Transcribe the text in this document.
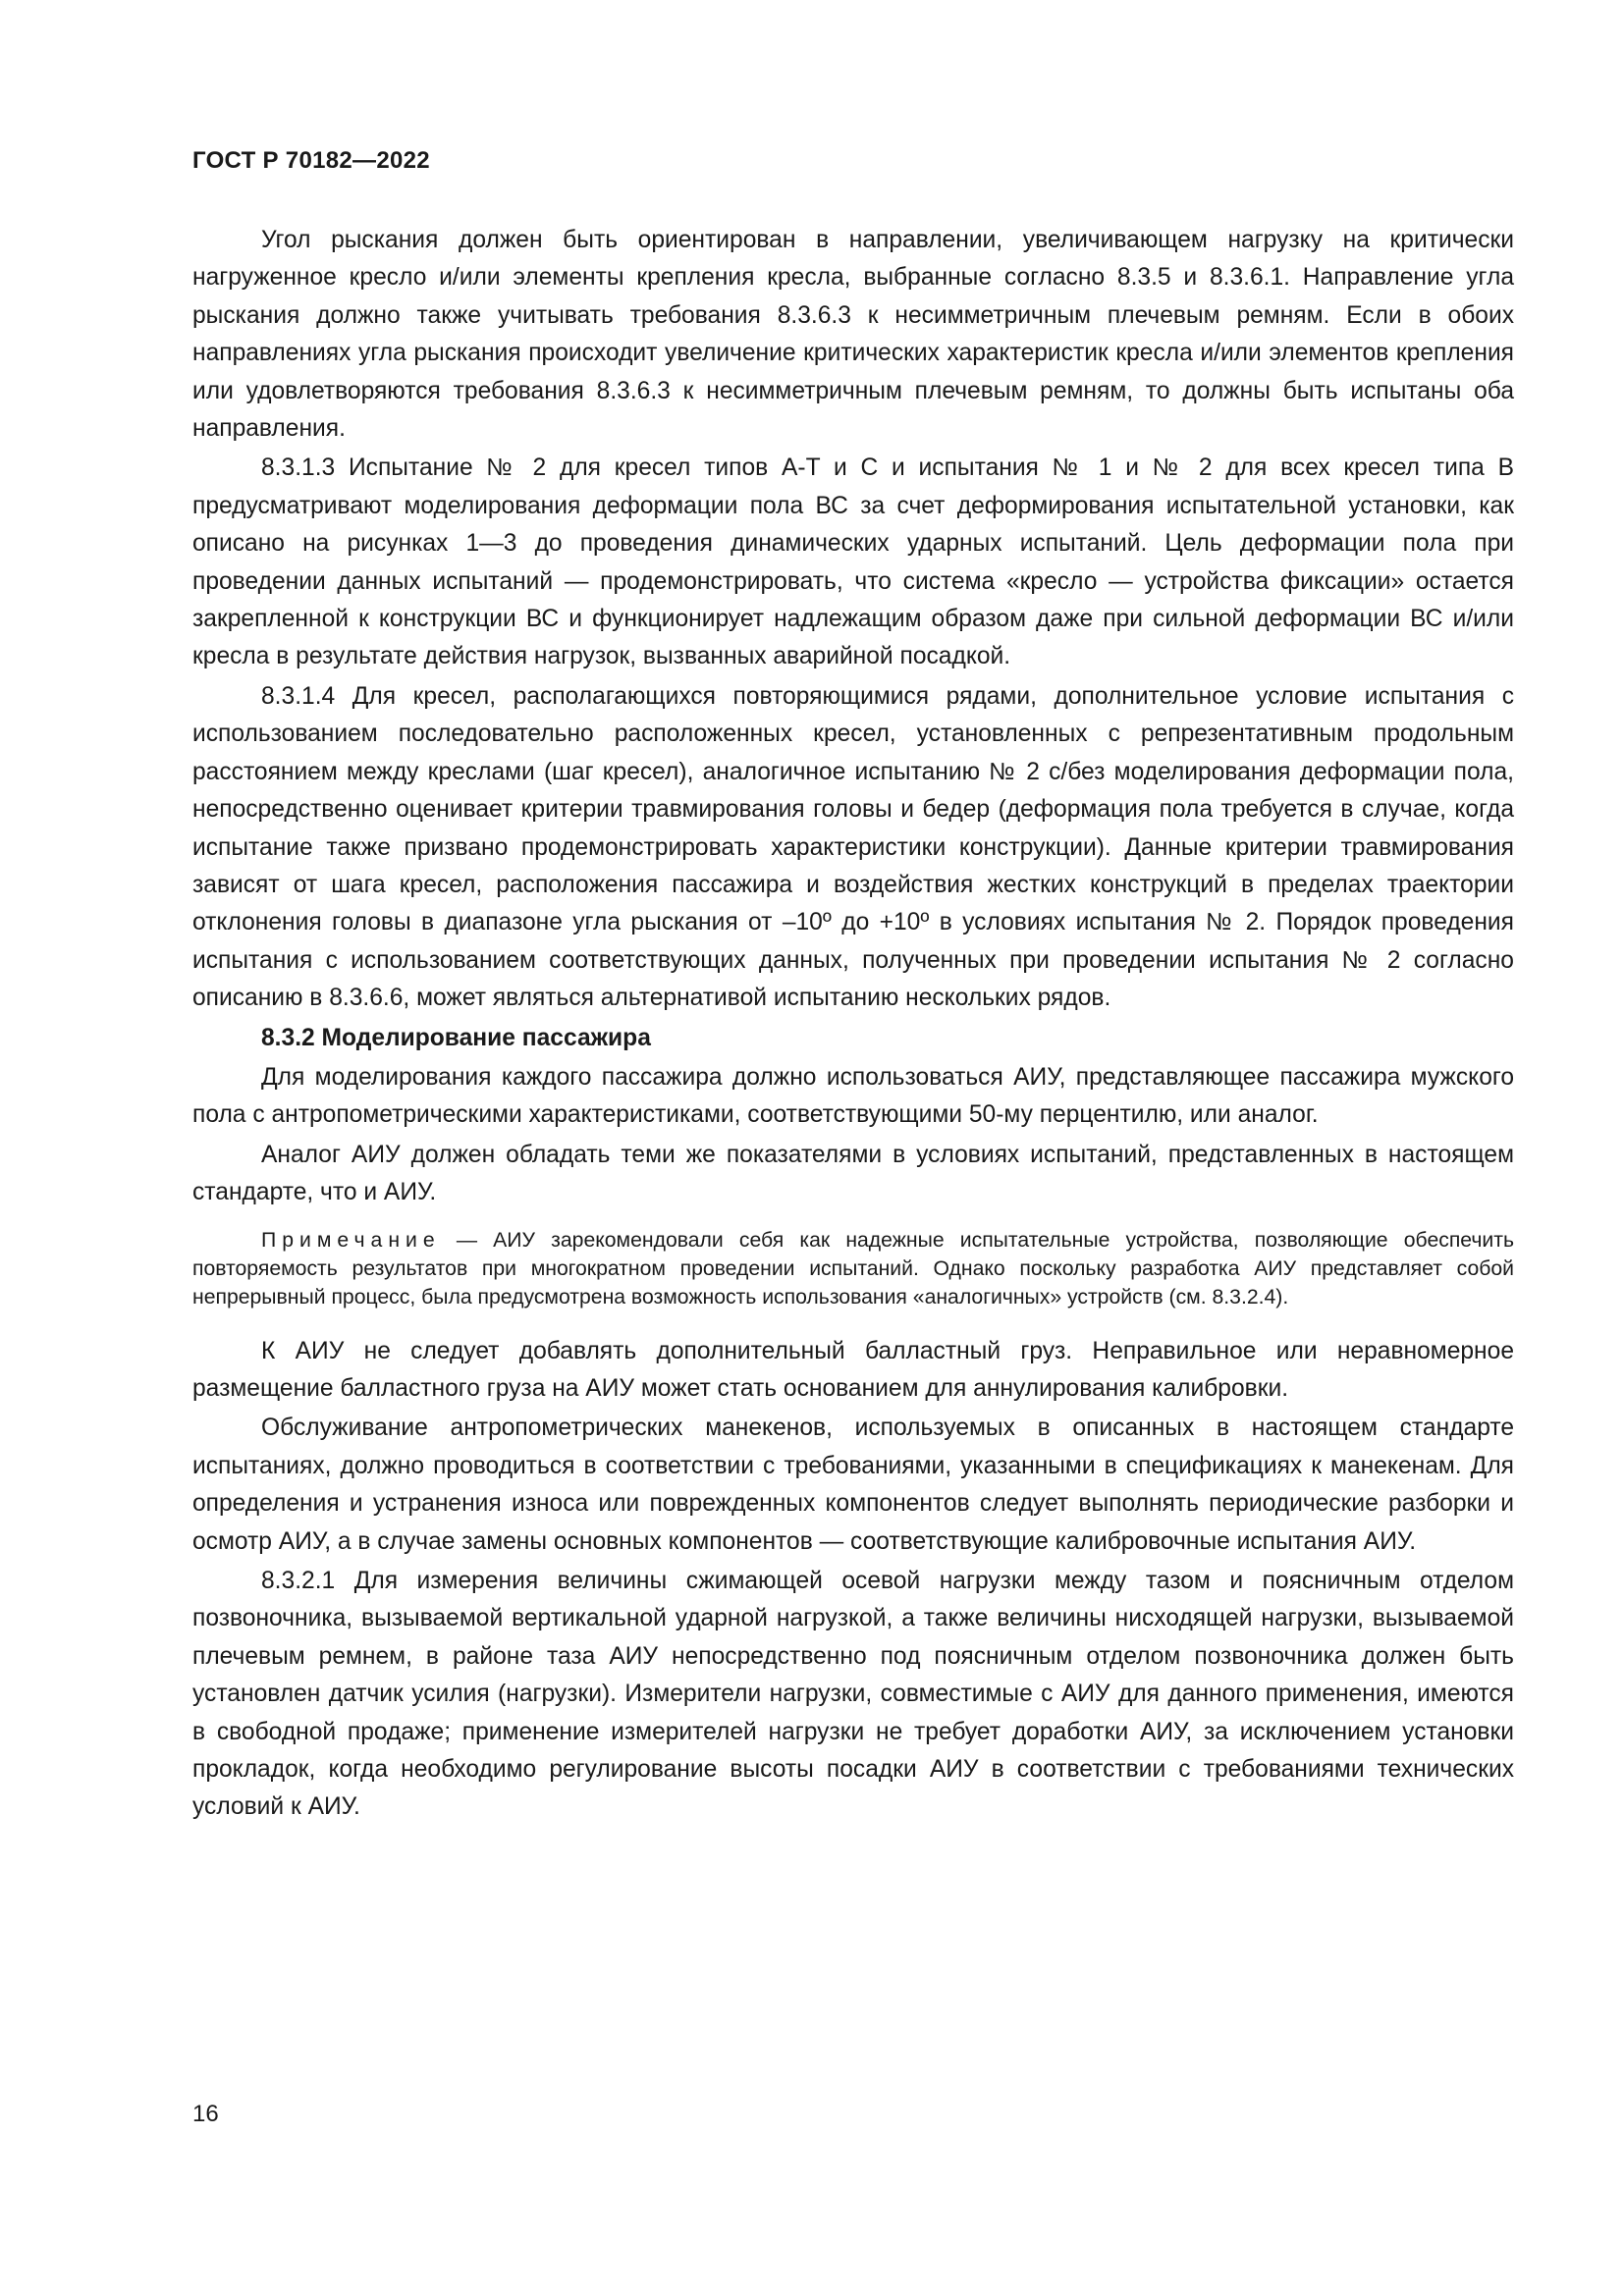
ГОСТ Р 70182—2022

Угол рыскания должен быть ориентирован в направлении, увеличивающем нагрузку на критически нагруженное кресло и/или элементы крепления кресла, выбранные согласно 8.3.5 и 8.3.6.1. Направление угла рыскания должно также учитывать требования 8.3.6.3 к несимметричным плечевым ремням. Если в обоих направлениях угла рыскания происходит увеличение критических характеристик кресла и/или элементов крепления или удовлетворяются требования 8.3.6.3 к несимметричным плечевым ремням, то должны быть испытаны оба направления.

8.3.1.3 Испытание № 2 для кресел типов A-T и C и испытания № 1 и № 2 для всех кресел типа B предусматривают моделирования деформации пола ВС за счет деформирования испытательной установки, как описано на рисунках 1—3 до проведения динамических ударных испытаний. Цель деформации пола при проведении данных испытаний — продемонстрировать, что система «кресло — устройства фиксации» остается закрепленной к конструкции ВС и функционирует надлежащим образом даже при сильной деформации ВС и/или кресла в результате действия нагрузок, вызванных аварийной посадкой.

8.3.1.4 Для кресел, располагающихся повторяющимися рядами, дополнительное условие испытания с использованием последовательно расположенных кресел, установленных с репрезентативным продольным расстоянием между креслами (шаг кресел), аналогичное испытанию № 2 с/без моделирования деформации пола, непосредственно оценивает критерии травмирования головы и бедер (деформация пола требуется в случае, когда испытание также призвано продемонстрировать характеристики конструкции). Данные критерии травмирования зависят от шага кресел, расположения пассажира и воздействия жестких конструкций в пределах траектории отклонения головы в диапазоне угла рыскания от –10º до +10º в условиях испытания № 2. Порядок проведения испытания с использованием соответствующих данных, полученных при проведении испытания № 2 согласно описанию в 8.3.6.6, может являться альтернативой испытанию нескольких рядов.

8.3.2 Моделирование пассажира

Для моделирования каждого пассажира должно использоваться АИУ, представляющее пассажира мужского пола с антропометрическими характеристиками, соответствующими 50-му перцентилю, или аналог.

Аналог АИУ должен обладать теми же показателями в условиях испытаний, представленных в настоящем стандарте, что и АИУ.

Примечание — АИУ зарекомендовали себя как надежные испытательные устройства, позволяющие обеспечить повторяемость результатов при многократном проведении испытаний. Однако поскольку разработка АИУ представляет собой непрерывный процесс, была предусмотрена возможность использования «аналогичных» устройств (см. 8.3.2.4).

К АИУ не следует добавлять дополнительный балластный груз. Неправильное или неравномерное размещение балластного груза на АИУ может стать основанием для аннулирования калибровки.

Обслуживание антропометрических манекенов, используемых в описанных в настоящем стандарте испытаниях, должно проводиться в соответствии с требованиями, указанными в спецификациях к манекенам. Для определения и устранения износа или поврежденных компонентов следует выполнять периодические разборки и осмотр АИУ, а в случае замены основных компонентов — соответствующие калибровочные испытания АИУ.

8.3.2.1 Для измерения величины сжимающей осевой нагрузки между тазом и поясничным отделом позвоночника, вызываемой вертикальной ударной нагрузкой, а также величины нисходящей нагрузки, вызываемой плечевым ремнем, в районе таза АИУ непосредственно под поясничным отделом позвоночника должен быть установлен датчик усилия (нагрузки). Измерители нагрузки, совместимые с АИУ для данного применения, имеются в свободной продаже; применение измерителей нагрузки не требует доработки АИУ, за исключением установки прокладок, когда необходимо регулирование высоты посадки АИУ в соответствии с требованиями технических условий к АИУ.

16
